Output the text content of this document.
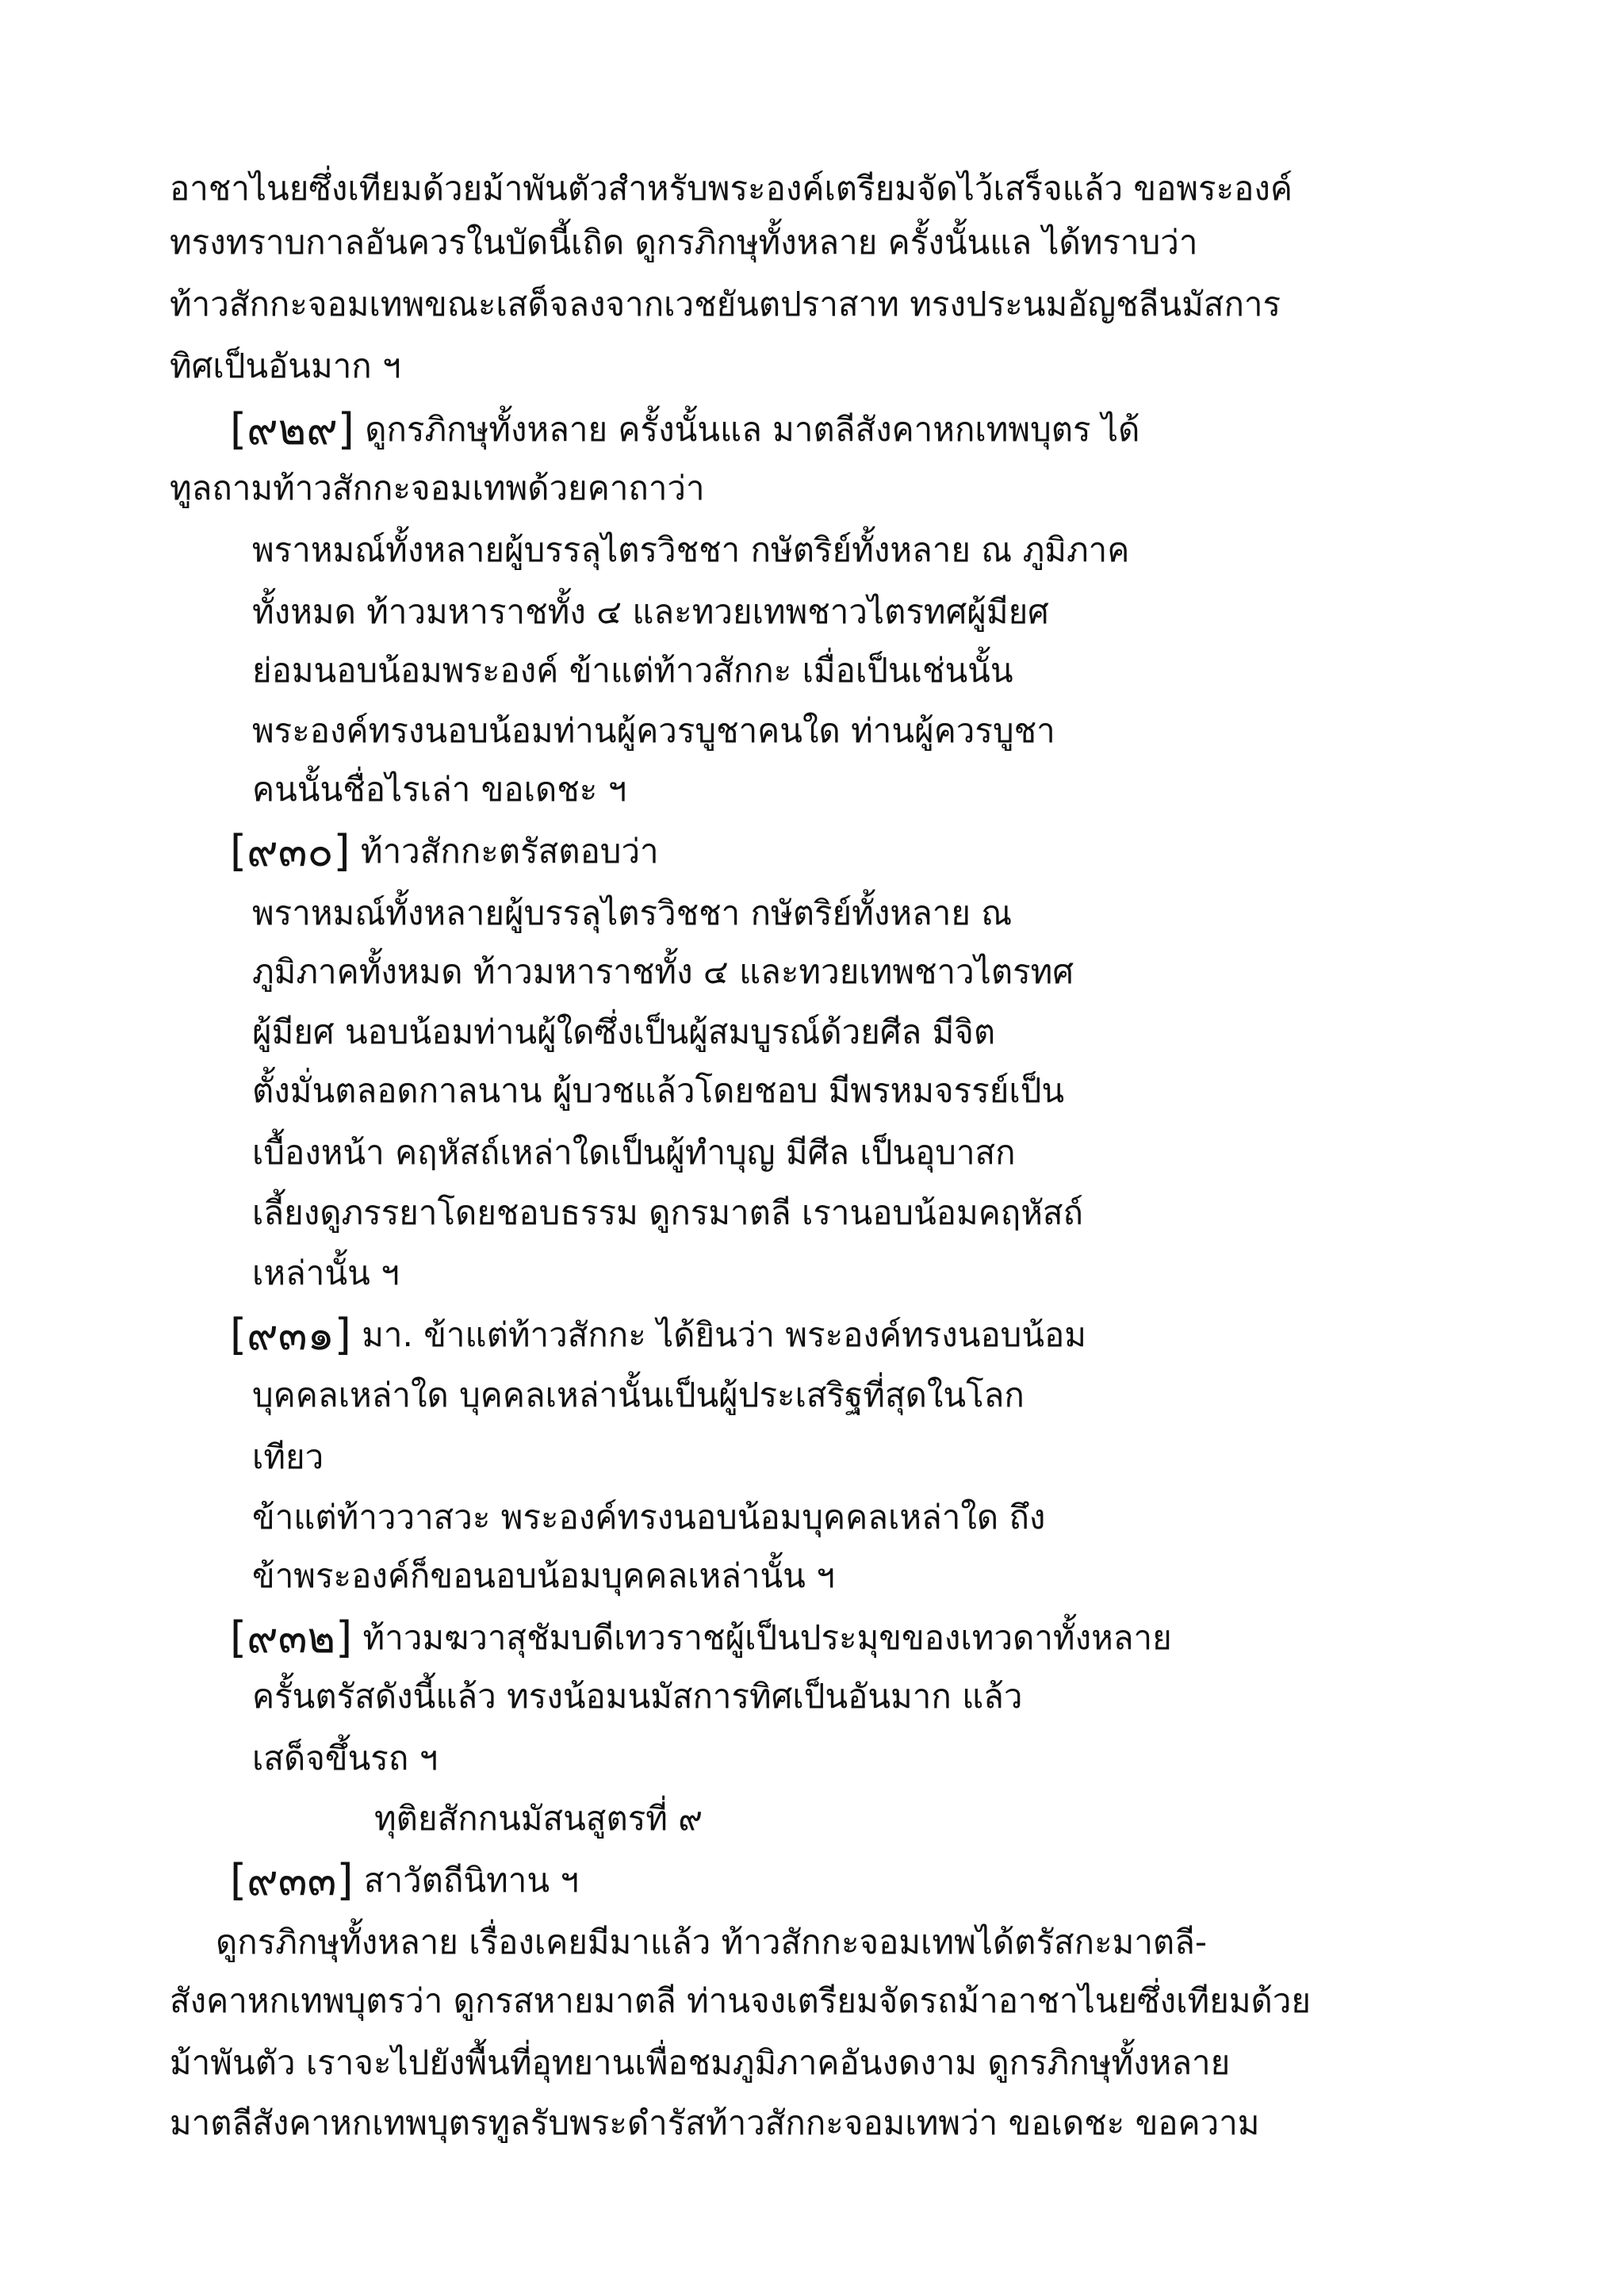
อาชาไนยซึ่งเทียมด้วยม้าพันตัวสำหรับพระองค์เตรียมจัดไว้เสร็จแล้ว ขอพระองค์
ทรงทราบกาลอันควรในบัดนี้เถิด ดูกรภิกษุทั้งหลาย ครั้งนั้นแล ได้ทราบว่า
ท้าวสักกะจอมเทพขณะเสด็จลงจากเวชยันตปราสาท ทรงประนมอัญชลีนมัสการ
ทิศเป็นอันมาก ฯ
[๙๒๙] ดูกรภิกษุทั้งหลาย ครั้งนั้นแล มาตลีสังคาหกเทพบุตร ได้
ทูลถามท้าวสักกะจอมเทพด้วยคาถาว่า
พราหมณ์ทั้งหลายผู้บรรลุไตรวิชชา กษัตริย์ทั้งหลาย ณ ภูมิภาค
ทั้งหมด ท้าวมหาราชทั้ง ๔ และทวยเทพชาวไตรทศผู้มียศ
ย่อมนอบน้อมพระองค์ ข้าแต่ท้าวสักกะ เมื่อเป็นเช่นนั้น
พระองค์ทรงนอบน้อมท่านผู้ควรบูชาคนใด ท่านผู้ควรบูชา
คนนั้นชื่อไรเล่า ขอเดชะ ฯ
[๙๓๐] ท้าวสักกะตรัสตอบว่า
พราหมณ์ทั้งหลายผู้บรรลุไตรวิชชา กษัตริย์ทั้งหลาย ณ
ภูมิภาคทั้งหมด ท้าวมหาราชทั้ง ๔ และทวยเทพชาวไตรทศ
ผู้มียศ นอบน้อมท่านผู้ใดซึ่งเป็นผู้สมบูรณ์ด้วยศีล มีจิต
ตั้งมั่นตลอดกาลนาน ผู้บวชแล้วโดยชอบ มีพรหมจรรย์เป็น
เบื้องหน้า คฤหัสถ์เหล่าใดเป็นผู้ทำบุญ มีศีล เป็นอุบาสก
เลี้ยงดูภรรยาโดยชอบธรรม ดูกรมาตลี เรานอบน้อมคฤหัสถ์
เหล่านั้น ฯ
[๙๓๑] มา. ข้าแต่ท้าวสักกะ ได้ยินว่า พระองค์ทรงนอบน้อม
บุคคลเหล่าใด บุคคลเหล่านั้นเป็นผู้ประเสริฐที่สุดในโลก
เทียว
ข้าแต่ท้าววาสวะ พระองค์ทรงนอบน้อมบุคคลเหล่าใด ถึง
ข้าพระองค์ก็ขอนอบน้อมบุคคลเหล่านั้น ฯ
[๙๓๒] ท้าวมฆวาสุชัมบดีเทวราชผู้เป็นประมุขของเทวดาทั้งหลาย
ครั้นตรัสดังนี้แล้ว ทรงน้อมนมัสการทิศเป็นอันมาก แล้ว
เสด็จขึ้นรถ ฯ
ทุติยสักกนมัสนสูตรที่ ๙
[๙๓๓] สาวัตถีนิทาน ฯ
ดูกรภิกษุทั้งหลาย เรื่องเคยมีมาแล้ว ท้าวสักกะจอมเทพได้ตรัสกะมาตลี-
สังคาหกเทพบุตรว่า ดูกรสหายมาตลี ท่านจงเตรียมจัดรถม้าอาชาไนยซึ่งเทียมด้วย
ม้าพันตัว เราจะไปยังพื้นที่อุทยานเพื่อชมภูมิภาคอันงดงาม ดูกรภิกษุทั้งหลาย
มาตลีสังคาหกเทพบุตรทูลรับพระดำรัสท้าวสักกะจอมเทพว่า ขอเดชะ ขอความ
